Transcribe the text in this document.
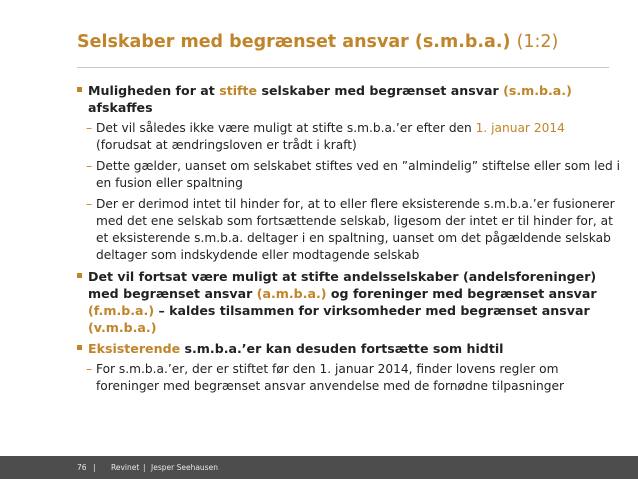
Selskaber med begrænset ansvar (s.m.b.a.) (1:2)
Muligheden for at stifte selskaber med begrænset ansvar (s.m.b.a.) afskaffes
– Det vil således ikke være muligt at stifte s.m.b.a.’er efter den 1. januar 2014 (forudsat at ændringsloven er trådt i kraft)
– Dette gælder, uanset om selskabet stiftes ved en ”almindelig” stiftelse eller som led i en fusion eller spaltning
– Der er derimod intet til hinder for, at to eller flere eksisterende s.m.b.a.’er fusionerer med det ene selskab som fortsættende selskab, ligesom der intet er til hinder for, at et eksisterende s.m.b.a. deltager i en spaltning, uanset om det pågældende selskab deltager som indskydende eller modtagende selskab
Det vil fortsat være muligt at stifte andelsselskaber (andelsforeninger) med begrænset ansvar (a.m.b.a.) og foreninger med begrænset ansvar (f.m.b.a.) – kaldes tilsammen for virksomheder med begrænset ansvar (v.m.b.a.)
Eksisterende s.m.b.a.’er kan desuden fortsætte som hidtil
– For s.m.b.a.’er, der er stiftet før den 1. januar 2014, finder lovens regler om foreninger med begrænset ansvar anvendelse med de fornødne tilpasninger
76 | Revinet | Jesper Seehausen
